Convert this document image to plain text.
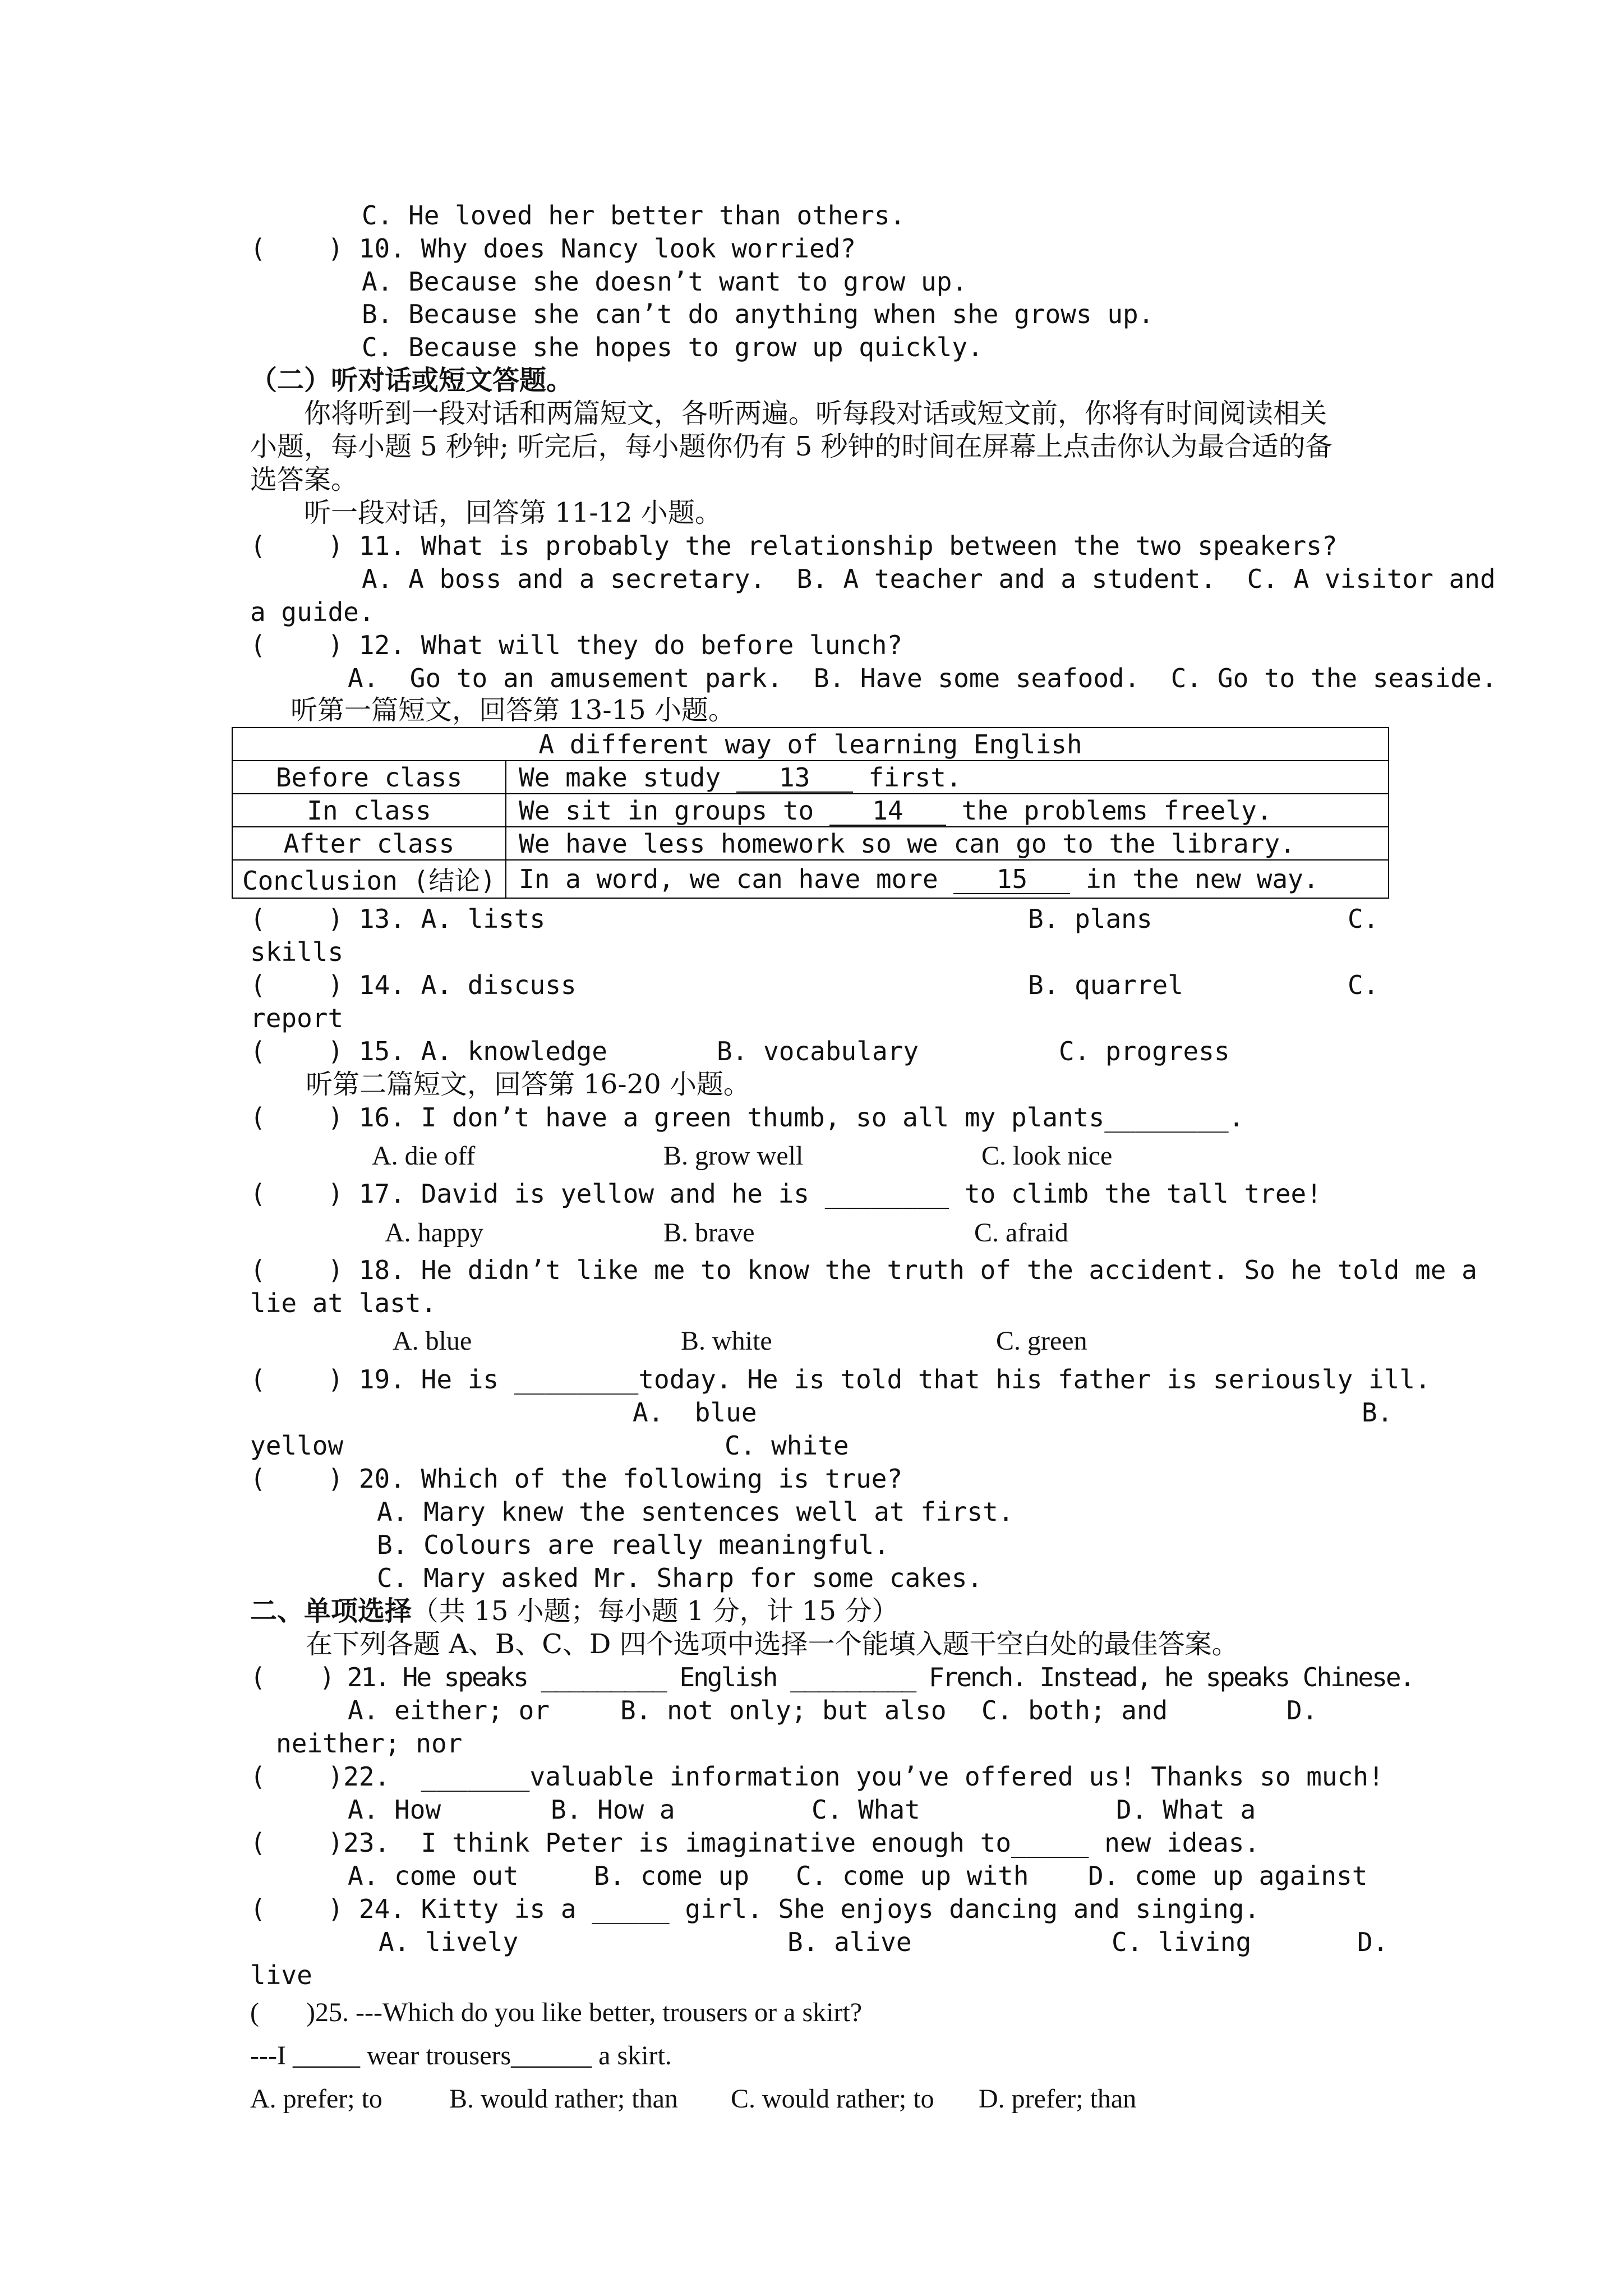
C. He loved her better than others.
(    ) 10. Why does Nancy look worried?
A. Because she doesn’t want to grow up.
B. Because she can’t do anything when she grows up.
C. Because she hopes to grow up quickly.
（二）听对话或短文答题。
你将听到一段对话和两篇短文，各听两遍。听每段对话或短文前，你将有时间阅读相关
小题，每小题 5 秒钟; 听完后，每小题你仍有 5 秒钟的时间在屏幕上点击你认为最合适的备
选答案。
听一段对话，回答第 11-12 小题。
(    ) 11. What is probably the relationship between the two speakers?
A. A boss and a secretary.  B. A teacher and a student.  C. A visitor and
a guide.
(    ) 12. What will they do before lunch?
A.  Go to an amusement park.  B. Have some seafood.  C. Go to the seaside.
听第一篇短文，回答第 13-15 小题。
A different way of learning English	
Before class	We make study 13 first.
In class	We sit in groups to 14 the problems freely.
After class	We have less homework so we can go to the library.
Conclusion (结论)	In a word, we can have more 15 in the new way.
(    ) 13. A. lists	B. plans	C.
skills
(    ) 14. A. discuss	B. quarrel	C.
report
(    ) 15. A. knowledge	B. vocabulary	C. progress
听第二篇短文，回答第 16-20 小题。
(    ) 16. I don’t have a green thumb, so all my plants________.
A. die off	B. grow well	C. look nice
(    ) 17. David is yellow and he is ________ to climb the tall tree!
A. happy	B. brave	C. afraid
(    ) 18. He didn’t like me to know the truth of the accident. So he told me a
lie at last.
A. blue	B. white	C. green
(    ) 19. He is ________today. He is told that his father is seriously ill.
A.  blue	B.
yellow	C. white
(    ) 20. Which of the following is true?
A. Mary knew the sentences well at first.
B. Colours are really meaningful.
C. Mary asked Mr. Sharp for some cakes.
二、单项选择（共 15 小题；每小题 1 分，计 15 分）
在下列各题 A、B、C、D 四个选项中选择一个能填入题干空白处的最佳答案。
(    ) 21. He speaks _________ English _________ French. Instead, he speaks Chinese.
A. either; or	B. not only; but also C. both; and	D.
neither; nor
(    )22.  _______valuable information you’ve offered us! Thanks so much!
A. How	B. How a	C. What	D. What a
(    )23.  I think Peter is imaginative enough to_____ new ideas.
A. come out	B. come up C. come up with D. come up against
(    ) 24. Kitty is a _____ girl. She enjoys dancing and singing.
A. lively	B. alive	C. living	D.
live
(       )25. ---Which do you like better, trousers or a skirt?
---I _____ wear trousers______ a skirt.
A. prefer; to B. would rather; than C. would rather; to D. prefer; than
